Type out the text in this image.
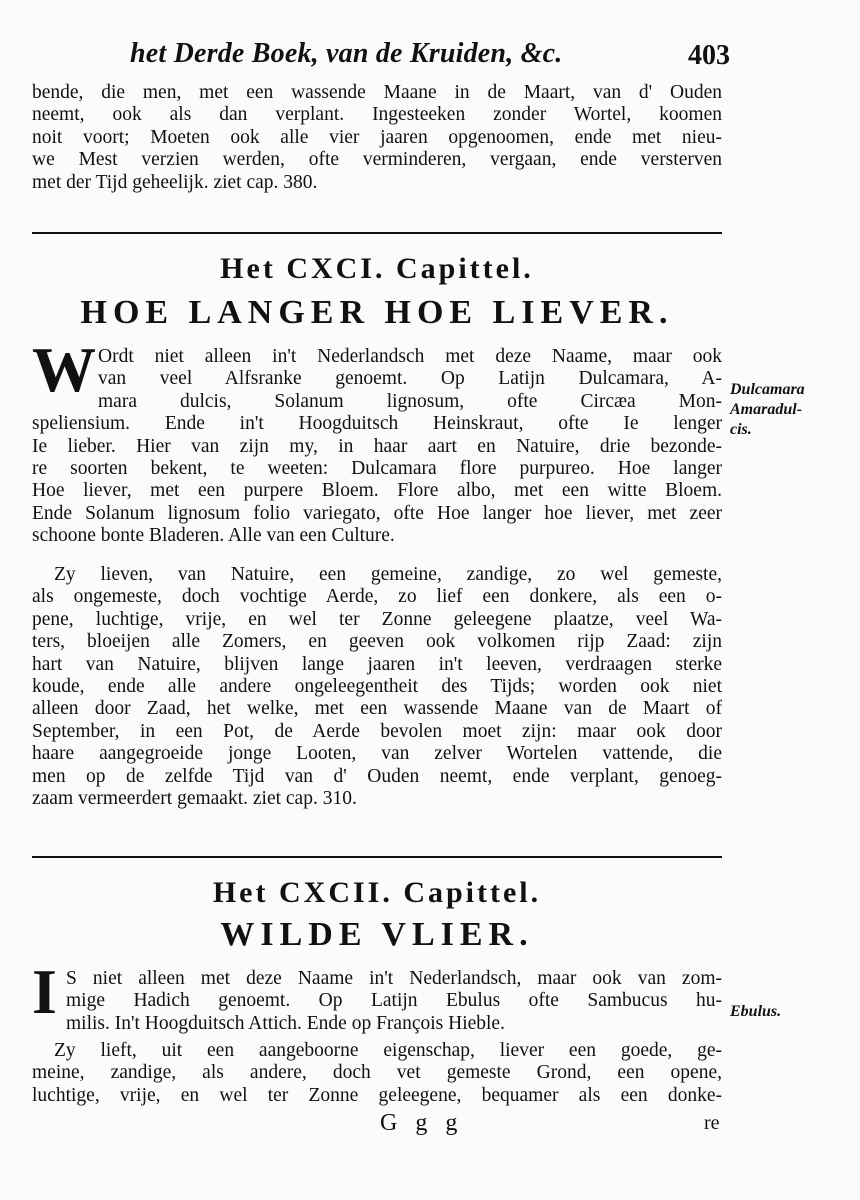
het Derde Boek, van de Kruiden, &c.	403
bende, die men, met een wassende Maane in de Maart, van d' Ouden
neemt, ook als dan verplant. Ingesteeken zonder Wortel, koomen
noit voort; Moeten ook alle vier jaaren opgenoomen, ende met nieu-
we Mest verzien werden, ofte verminderen, vergaan, ende versterven
met der Tijd geheelijk. ziet cap. 380.
Het CXCI. Capittel.
HOE LANGER HOE LIEVER.
W Ordt niet alleen in't Nederlandsch met deze Naame, maar ook
van veel Alfsranke genoemt. Op Latijn Dulcamara, A-
mara dulcis, Solanum lignosum, ofte Circæa Mon-
speliensium. Ende in't Hoogduitsch Heinskraut, ofte Ie lenger
Ie lieber. Hier van zijn my, in haar aart en Natuire, drie bezonde-
re soorten bekent, te weeten: Dulcamara flore purpureo. Hoe langer
Hoe liever, met een purpere Bloem. Flore albo, met een witte Bloem.
Ende Solanum lignosum folio variegato, ofte Hoe langer hoe liever, met zeer
schoone bonte Bladeren. Alle van een Culture.
Dulcamara
Amaradul-
cis.
Zy lieven, van Natuire, een gemeine, zandige, zo wel gemeste,
als ongemeste, doch vochtige Aerde, zo lief een donkere, als een o-
pene, luchtige, vrije, en wel ter Zonne geleegene plaatze, veel Wa-
ters, bloeijen alle Zomers, en geeven ook volkomen rijp Zaad: zijn
hart van Natuire, blijven lange jaaren in't leeven, verdraagen sterke
koude, ende alle andere ongeleegentheit des Tijds; worden ook niet
alleen door Zaad, het welke, met een wassende Maane van de Maart of
September, in een Pot, de Aerde bevolen moet zijn: maar ook door
haare aangegroeide jonge Looten, van zelver Wortelen vattende, die
men op de zelfde Tijd van d' Ouden neemt, ende verplant, genoeg-
zaam vermeerdert gemaakt. ziet cap. 310.
Het CXCII. Capittel.
WILDE VLIER.
I S niet alleen met deze Naame in't Nederlandsch, maar ook van zom-
mige Hadich genoemt. Op Latijn Ebulus ofte Sambucus hu-
milis. In't Hoogduitsch Attich. Ende op François Hieble.
Ebulus.
Zy lieft, uit een aangeboorne eigenschap, liever een goede, ge-
meine, zandige, als andere, doch vet gemeste Grond, een opene,
luchtige, vrije, en wel ter Zonne geleegene, bequamer als een donke-
G g g	re
